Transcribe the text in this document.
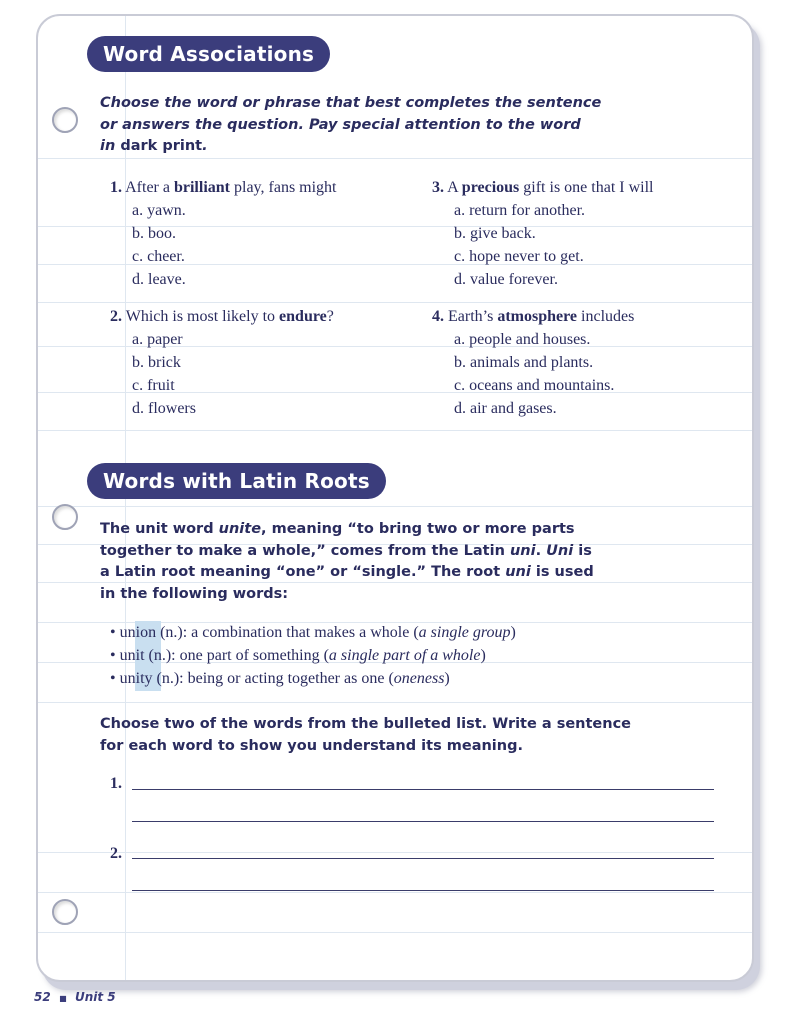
Word Associations
Choose the word or phrase that best completes the sentence
or answers the question. Pay special attention to the word
in dark print.
1. After a brilliant play, fans might
a. yawn.
b. boo.
c. cheer.
d. leave.
2. Which is most likely to endure?
a. paper
b. brick
c. fruit
d. flowers
3. A precious gift is one that I will
a. return for another.
b. give back.
c. hope never to get.
d. value forever.
4. Earth’s atmosphere includes
a. people and houses.
b. animals and plants.
c. oceans and mountains.
d. air and gases.
Words with Latin Roots
The unit word unite, meaning “to bring two or more parts
together to make a whole,” comes from the Latin uni. Uni is
a Latin root meaning “one” or “single.” The root uni is used
in the following words:
• union (n.): a combination that makes a whole (a single group)
• unit (n.): one part of something (a single part of a whole)
• unity (n.): being or acting together as one (oneness)
Choose two of the words from the bulleted list. Write a sentence
for each word to show you understand its meaning.
1.
2.
52 ■ Unit 5
